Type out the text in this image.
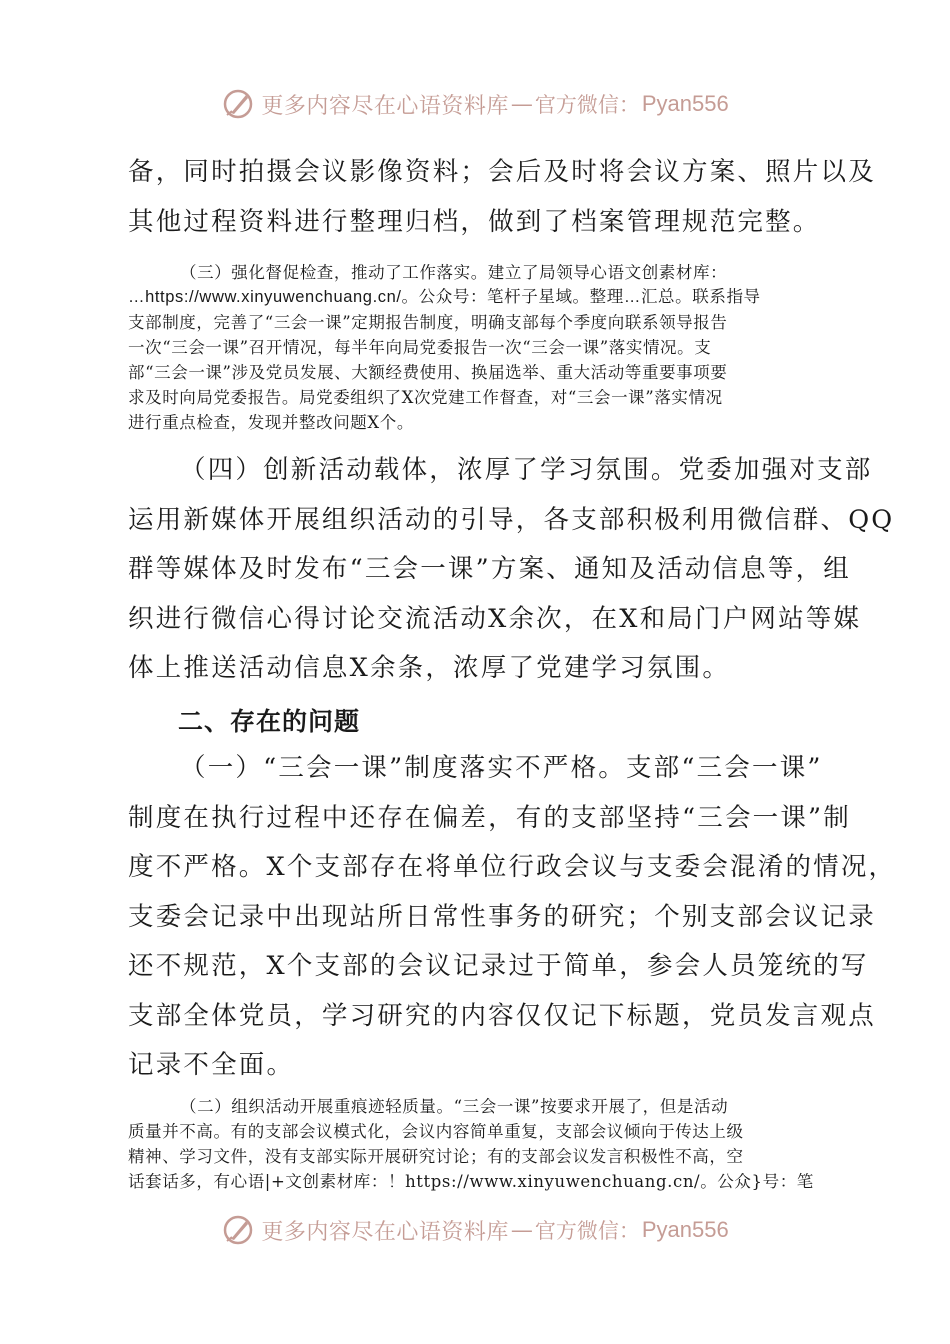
更多内容尽在心语资料库 — 官方微信： Pyan556
备，同时拍摄会议影像资料；会后及时将会议方案、照片以及
其他过程资料进行整理归档，做到了档案管理规范完整。
（三）强化督促检查，推动了工作落实。建立了局领导心语文创素材库：
…https://www.xinyuwenchuang.cn/。公众号：笔杆子星域。整理…汇总。联系指导
支部制度，完善了“三会一课”定期报告制度，明确支部每个季度向联系领导报告
一次“三会一课”召开情况，每半年向局党委报告一次“三会一课”落实情况。支
部“三会一课”涉及党员发展、大额经费使用、换届选举、重大活动等重要事项要
求及时向局党委报告。局党委组织了X次党建工作督查，对“三会一课”落实情况
进行重点检查，发现并整改问题X个。
（四）创新活动载体，浓厚了学习氛围。党委加强对支部
运用新媒体开展组织活动的引导，各支部积极利用微信群、QQ
群等媒体及时发布“三会一课”方案、通知及活动信息等，组
织进行微信心得讨论交流活动X余次，在X和局门户网站等媒
体上推送活动信息X余条，浓厚了党建学习氛围。
二、存在的问题
（一）“三会一课”制度落实不严格。支部“三会一课”
制度在执行过程中还存在偏差，有的支部坚持“三会一课”制
度不严格。X个支部存在将单位行政会议与支委会混淆的情况，
支委会记录中出现站所日常性事务的研究；个别支部会议记录
还不规范，X个支部的会议记录过于简单，参会人员笼统的写
支部全体党员，学习研究的内容仅仅记下标题，党员发言观点
记录不全面。
（二）组织活动开展重痕迹轻质量。“三会一课”按要求开展了，但是活动
质量并不高。有的支部会议模式化，会议内容简单重复，支部会议倾向于传达上级
精神、学习文件，没有支部实际开展研究讨论；有的支部会议发言积极性不高，空
话套话多，有心语|+文创素材库：！https://www.xinyuwenchuang.cn/。公众}号：笔
更多内容尽在心语资料库 — 官方微信： Pyan556
